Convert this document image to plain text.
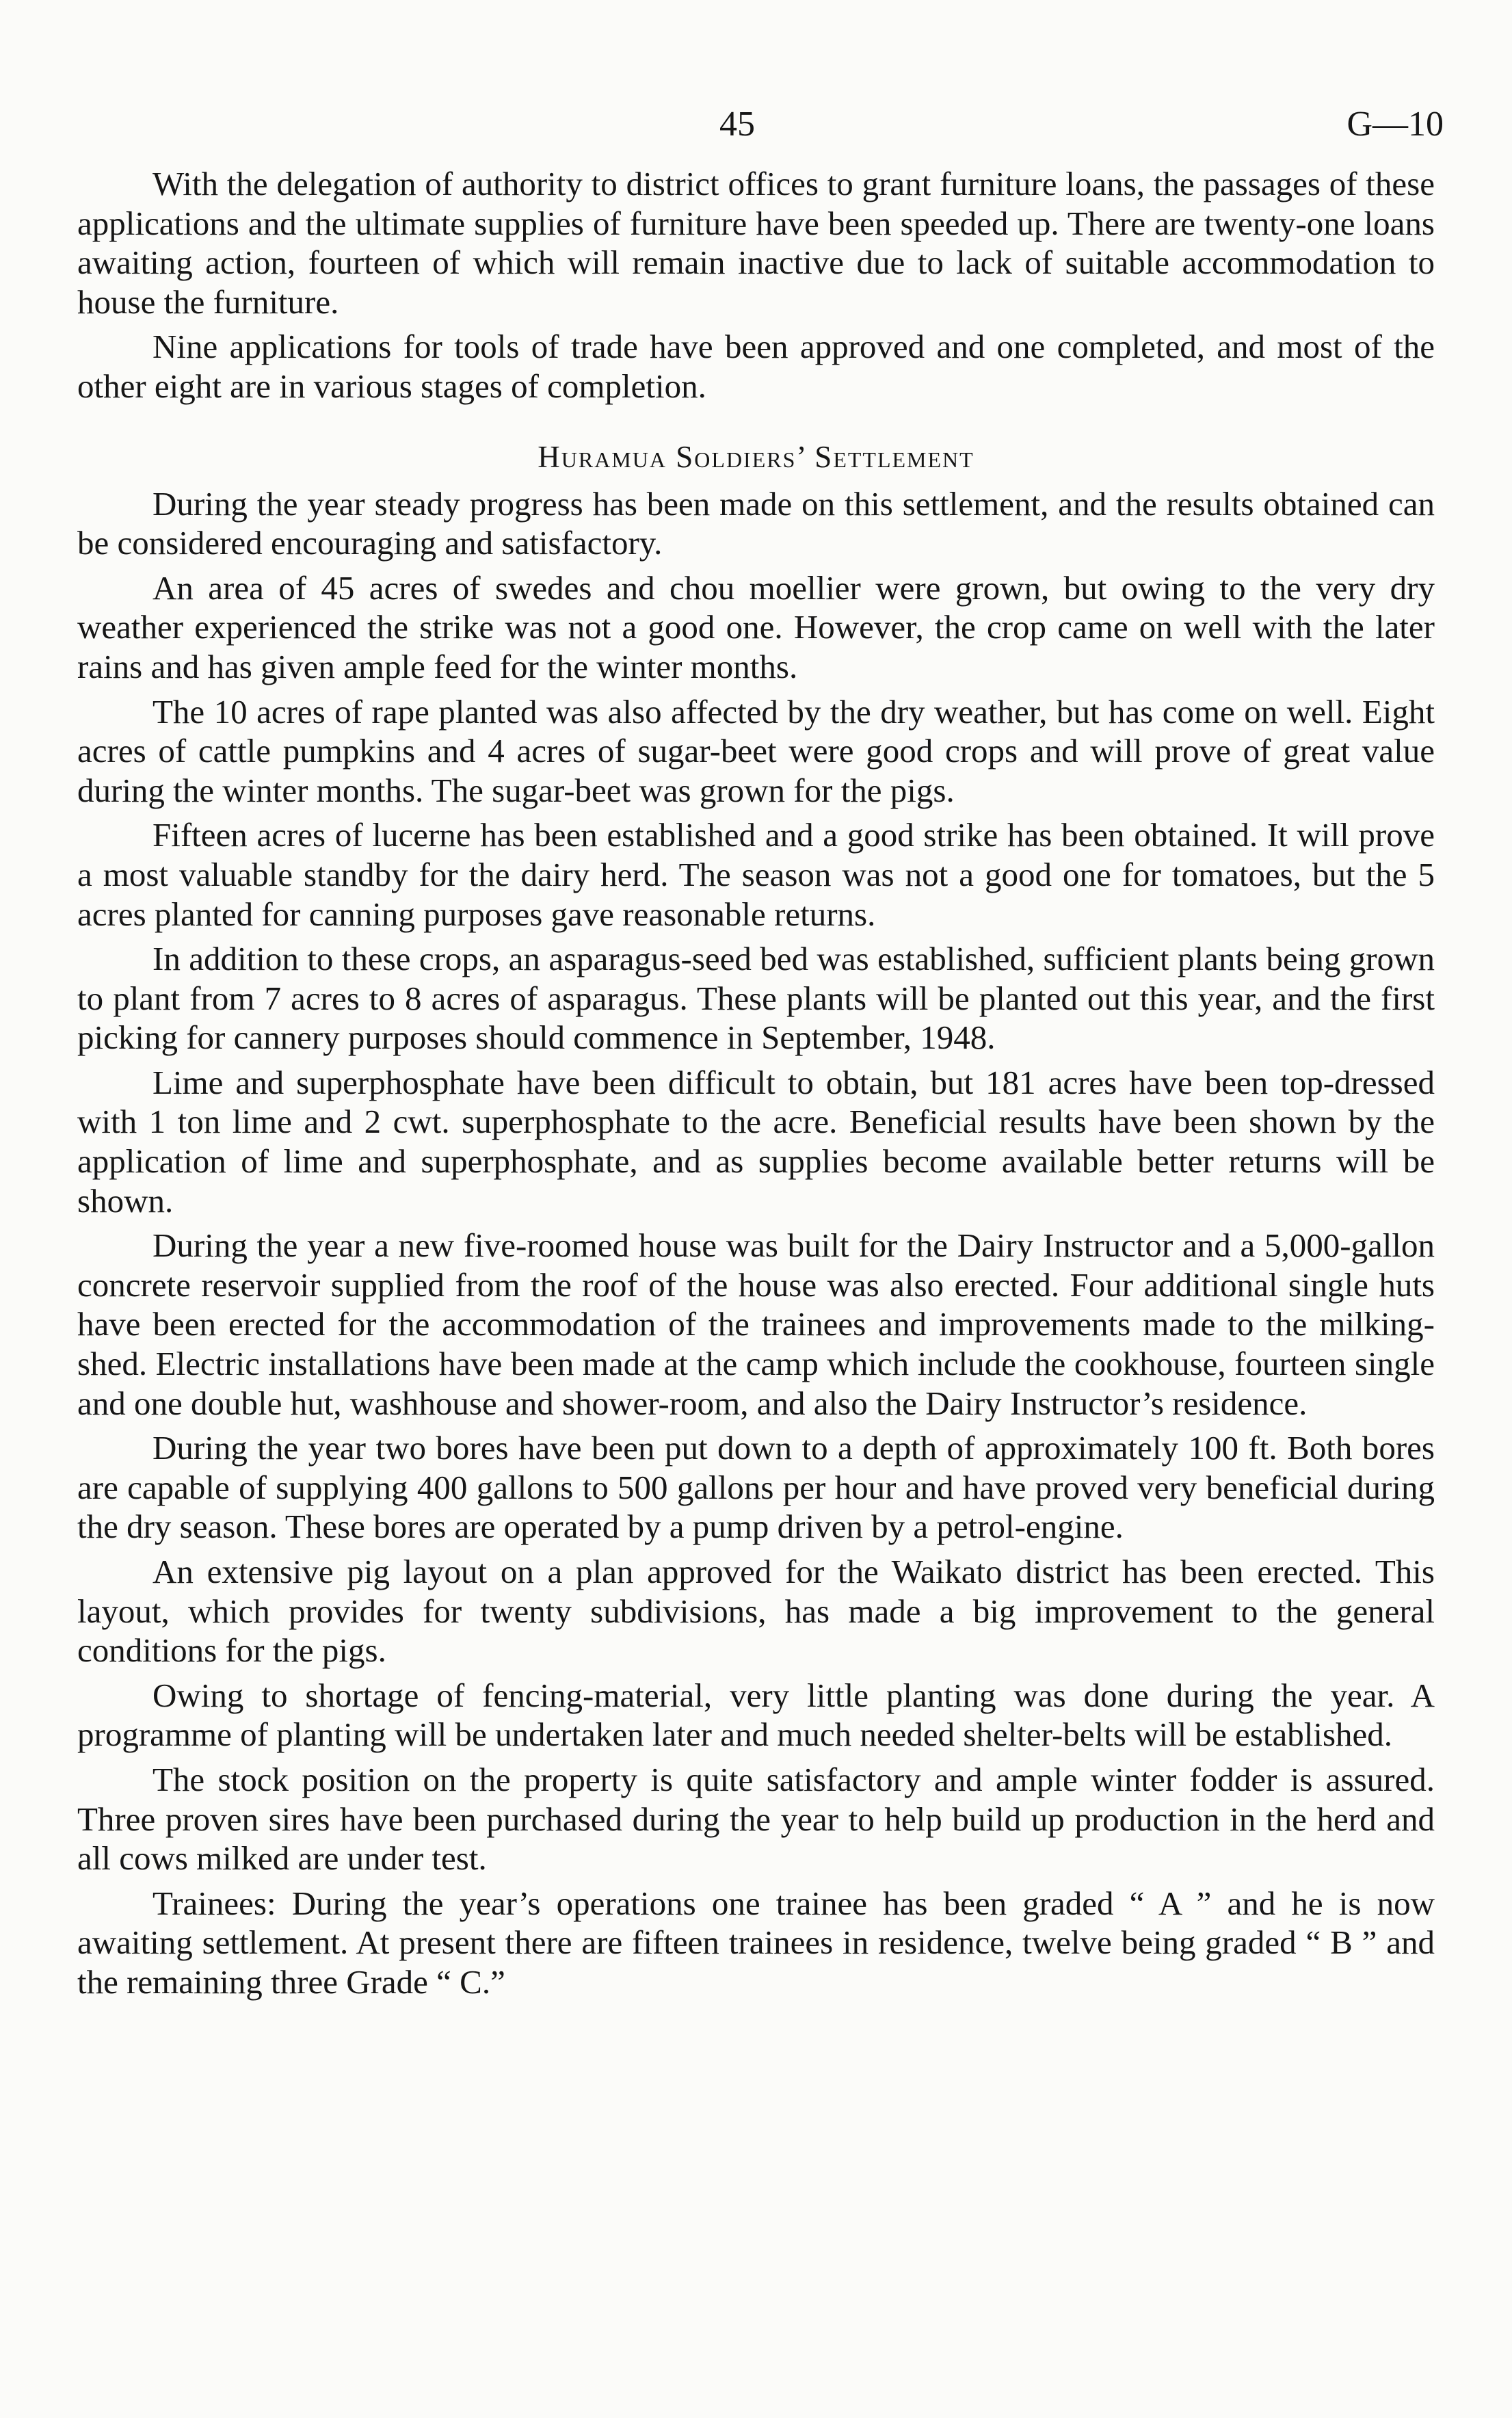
45	G—10

With the delegation of authority to district offices to grant furniture loans, the passages of these applications and the ultimate supplies of furniture have been speeded up. There are twenty-one loans awaiting action, fourteen of which will remain inactive due to lack of suitable accommodation to house the furniture.

Nine applications for tools of trade have been approved and one completed, and most of the other eight are in various stages of completion.

Huramua Soldiers’ Settlement

During the year steady progress has been made on this settlement, and the results obtained can be considered encouraging and satisfactory.

An area of 45 acres of swedes and chou moellier were grown, but owing to the very dry weather experienced the strike was not a good one. However, the crop came on well with the later rains and has given ample feed for the winter months.

The 10 acres of rape planted was also affected by the dry weather, but has come on well. Eight acres of cattle pumpkins and 4 acres of sugar-beet were good crops and will prove of great value during the winter months. The sugar-beet was grown for the pigs.

Fifteen acres of lucerne has been established and a good strike has been obtained. It will prove a most valuable standby for the dairy herd. The season was not a good one for tomatoes, but the 5 acres planted for canning purposes gave reasonable returns.

In addition to these crops, an asparagus-seed bed was established, sufficient plants being grown to plant from 7 acres to 8 acres of asparagus. These plants will be planted out this year, and the first picking for cannery purposes should commence in September, 1948.

Lime and superphosphate have been difficult to obtain, but 181 acres have been top-dressed with 1 ton lime and 2 cwt. superphosphate to the acre. Beneficial results have been shown by the application of lime and superphosphate, and as supplies become available better returns will be shown.

During the year a new five-roomed house was built for the Dairy Instructor and a 5,000-gallon concrete reservoir supplied from the roof of the house was also erected. Four additional single huts have been erected for the accommodation of the trainees and improvements made to the milking-shed. Electric installations have been made at the camp which include the cookhouse, fourteen single and one double hut, washhouse and shower-room, and also the Dairy Instructor’s residence.

During the year two bores have been put down to a depth of approximately 100 ft. Both bores are capable of supplying 400 gallons to 500 gallons per hour and have proved very beneficial during the dry season. These bores are operated by a pump driven by a petrol-engine.

An extensive pig layout on a plan approved for the Waikato district has been erected. This layout, which provides for twenty subdivisions, has made a big improvement to the general conditions for the pigs.

Owing to shortage of fencing-material, very little planting was done during the year. A programme of planting will be undertaken later and much needed shelter-belts will be established.

The stock position on the property is quite satisfactory and ample winter fodder is assured. Three proven sires have been purchased during the year to help build up production in the herd and all cows milked are under test.

Trainees: During the year’s operations one trainee has been graded “ A ” and he is now awaiting settlement. At present there are fifteen trainees in residence, twelve being graded “ B ” and the remaining three Grade “ C.”
